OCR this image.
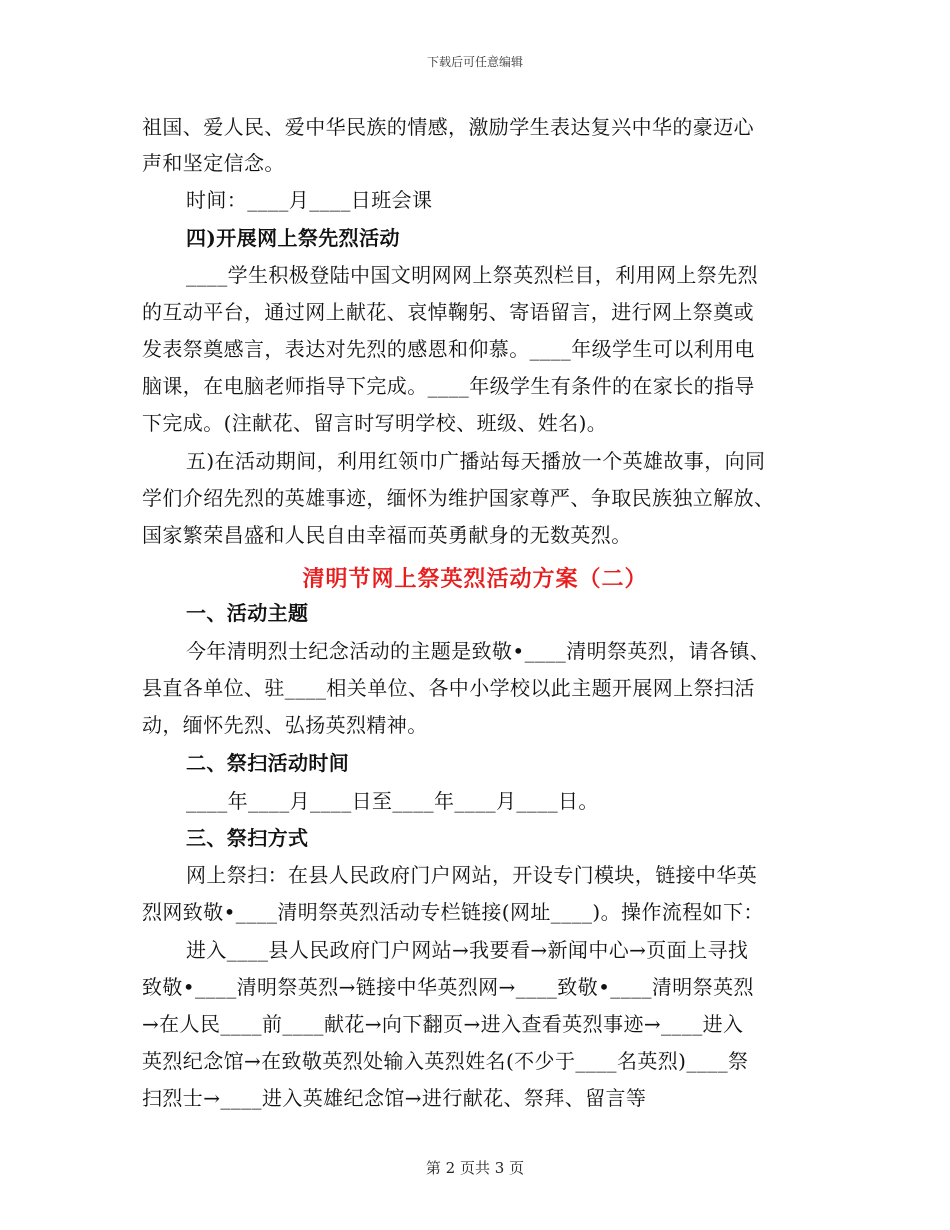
下载后可任意编辑
祖国、爱人民、爱中华民族的情感，激励学生表达复兴中华的豪迈心
声和坚定信念。
时间：____月____日班会课
四)开展网上祭先烈活动
____学生积极登陆中国文明网网上祭英烈栏目，利用网上祭先烈
的互动平台，通过网上献花、哀悼鞠躬、寄语留言，进行网上祭奠或
发表祭奠感言，表达对先烈的感恩和仰慕。____年级学生可以利用电
脑课，在电脑老师指导下完成。____年级学生有条件的在家长的指导
下完成。(注献花、留言时写明学校、班级、姓名)。
五)在活动期间，利用红领巾广播站每天播放一个英雄故事，向同
学们介绍先烈的英雄事迹，缅怀为维护国家尊严、争取民族独立解放、
国家繁荣昌盛和人民自由幸福而英勇献身的无数英烈。
清明节网上祭英烈活动方案（二）
一、活动主题
今年清明烈士纪念活动的主题是致敬•____清明祭英烈，请各镇、
县直各单位、驻____相关单位、各中小学校以此主题开展网上祭扫活
动，缅怀先烈、弘扬英烈精神。
二、祭扫活动时间
____年____月____日至____年____月____日。
三、祭扫方式
网上祭扫：在县人民政府门户网站，开设专门模块，链接中华英
烈网致敬•____清明祭英烈活动专栏链接(网址____)。操作流程如下：
进入____县人民政府门户网站→我要看→新闻中心→页面上寻找
致敬•____清明祭英烈→链接中华英烈网→____致敬•____清明祭英烈
→在人民____前____献花→向下翻页→进入查看英烈事迹→____进入
英烈纪念馆→在致敬英烈处输入英烈姓名(不少于____名英烈)____祭
扫烈士→____进入英雄纪念馆→进行献花、祭拜、留言等
第 2 页共 3 页
